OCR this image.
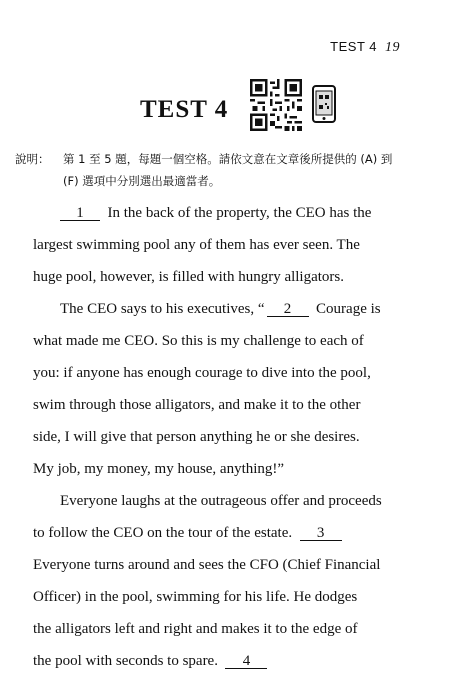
TEST 4 19
TEST 4
說明： 第 1 至 5 題，每題一個空格。請依文意在文章後所提供的 (A) 到
(F) 選項中分別選出最適當者。
1 In the back of the property, the CEO has the
largest swimming pool any of them has ever seen. The
huge pool, however, is filled with hungry alligators.
The CEO says to his executives, “ 2 Courage is
what made me CEO. So this is my challenge to each of
you: if anyone has enough courage to dive into the pool,
swim through those alligators, and make it to the other
side, I will give that person anything he or she desires.
My job, my money, my house, anything!”
Everyone laughs at the outrageous offer and proceeds
to follow the CEO on the tour of the estate. 3
Everyone turns around and sees the CFO (Chief Financial
Officer) in the pool, swimming for his life. He dodges
the alligators left and right and makes it to the edge of
the pool with seconds to spare. 4
